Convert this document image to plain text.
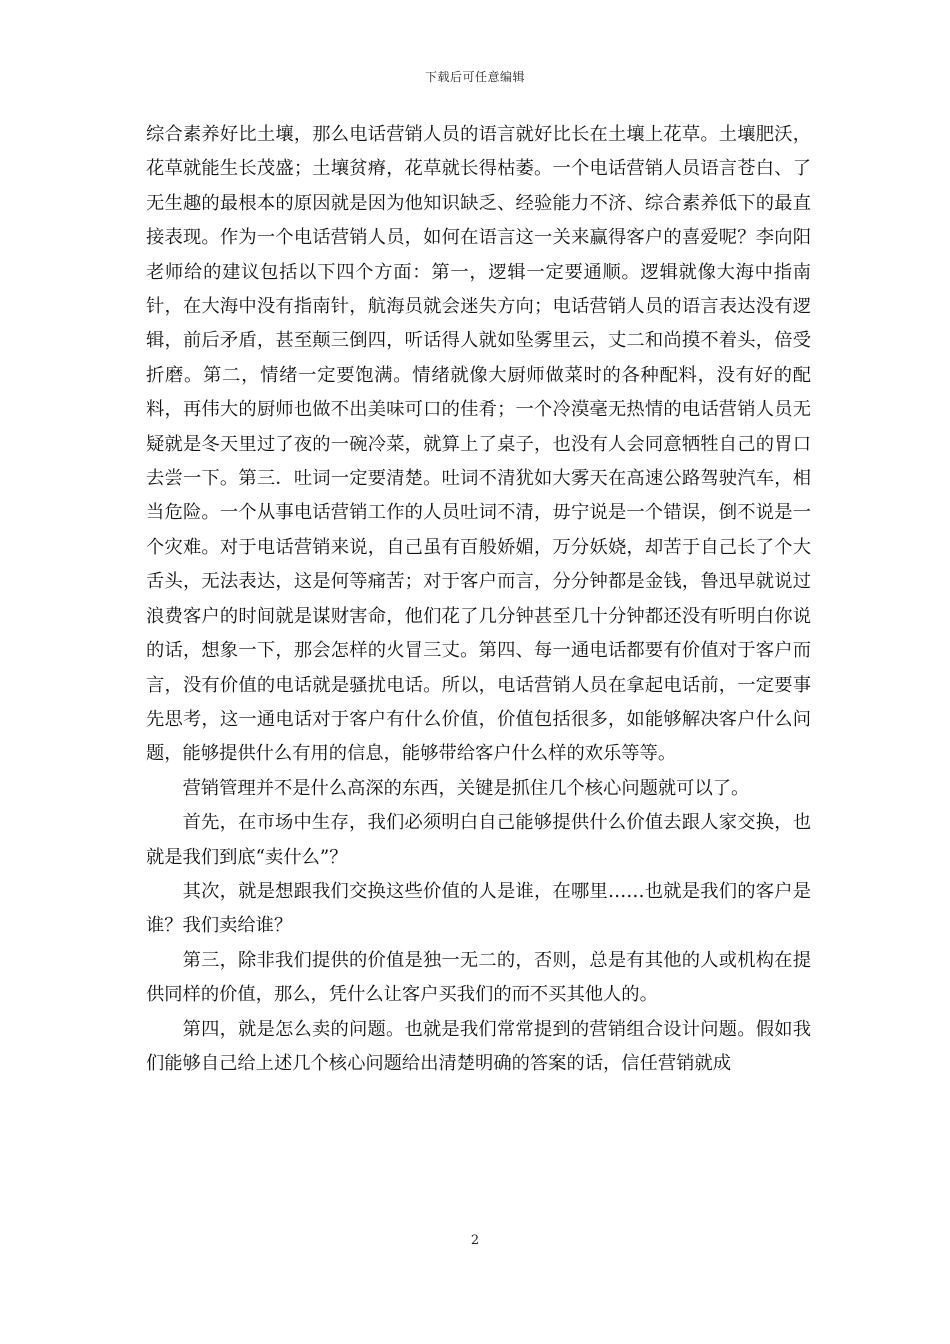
下载后可任意编辑

综合素养好比土壤，那么电话营销人员的语言就好比长在土壤上花草。土壤肥沃，花草就能生长茂盛；土壤贫瘠，花草就长得枯萎。一个电话营销人员语言苍白、了无生趣的最根本的原因就是因为他知识缺乏、经验能力不济、综合素养低下的最直接表现。作为一个电话营销人员，如何在语言这一关来赢得客户的喜爱呢？李向阳老师给的建议包括以下四个方面：第一，逻辑一定要通顺。逻辑就像大海中指南针，在大海中没有指南针，航海员就会迷失方向；电话营销人员的语言表达没有逻辑，前后矛盾，甚至颠三倒四，听话得人就如坠雾里云，丈二和尚摸不着头，倍受折磨。第二，情绪一定要饱满。情绪就像大厨师做菜时的各种配料，没有好的配料，再伟大的厨师也做不出美味可口的佳肴；一个冷漠毫无热情的电话营销人员无疑就是冬天里过了夜的一碗冷菜，就算上了桌子，也没有人会同意牺牲自己的胃口去尝一下。第三．吐词一定要清楚。吐词不清犹如大雾天在高速公路驾驶汽车，相当危险。一个从事电话营销工作的人员吐词不清，毋宁说是一个错误，倒不说是一个灾难。对于电话营销来说，自己虽有百般娇媚，万分妖娆，却苦于自己长了个大舌头，无法表达，这是何等痛苦；对于客户而言，分分钟都是金钱，鲁迅早就说过浪费客户的时间就是谋财害命，他们花了几分钟甚至几十分钟都还没有听明白你说的话，想象一下，那会怎样的火冒三丈。第四、每一通电话都要有价值对于客户而言，没有价值的电话就是骚扰电话。所以，电话营销人员在拿起电话前，一定要事先思考，这一通电话对于客户有什么价值，价值包括很多，如能够解决客户什么问题，能够提供什么有用的信息，能够带给客户什么样的欢乐等等。

营销管理并不是什么高深的东西，关键是抓住几个核心问题就可以了。

首先，在市场中生存，我们必须明白自己能够提供什么价值去跟人家交换，也就是我们到底“卖什么”？

其次，就是想跟我们交换这些价值的人是谁，在哪里……也就是我们的客户是谁？我们卖给谁？

第三，除非我们提供的价值是独一无二的，否则，总是有其他的人或机构在提供同样的价值，那么，凭什么让客户买我们的而不买其他人的。

第四，就是怎么卖的问题。也就是我们常常提到的营销组合设计问题。假如我们能够自己给上述几个核心问题给出清楚明确的答案的话，信任营销就成

2
